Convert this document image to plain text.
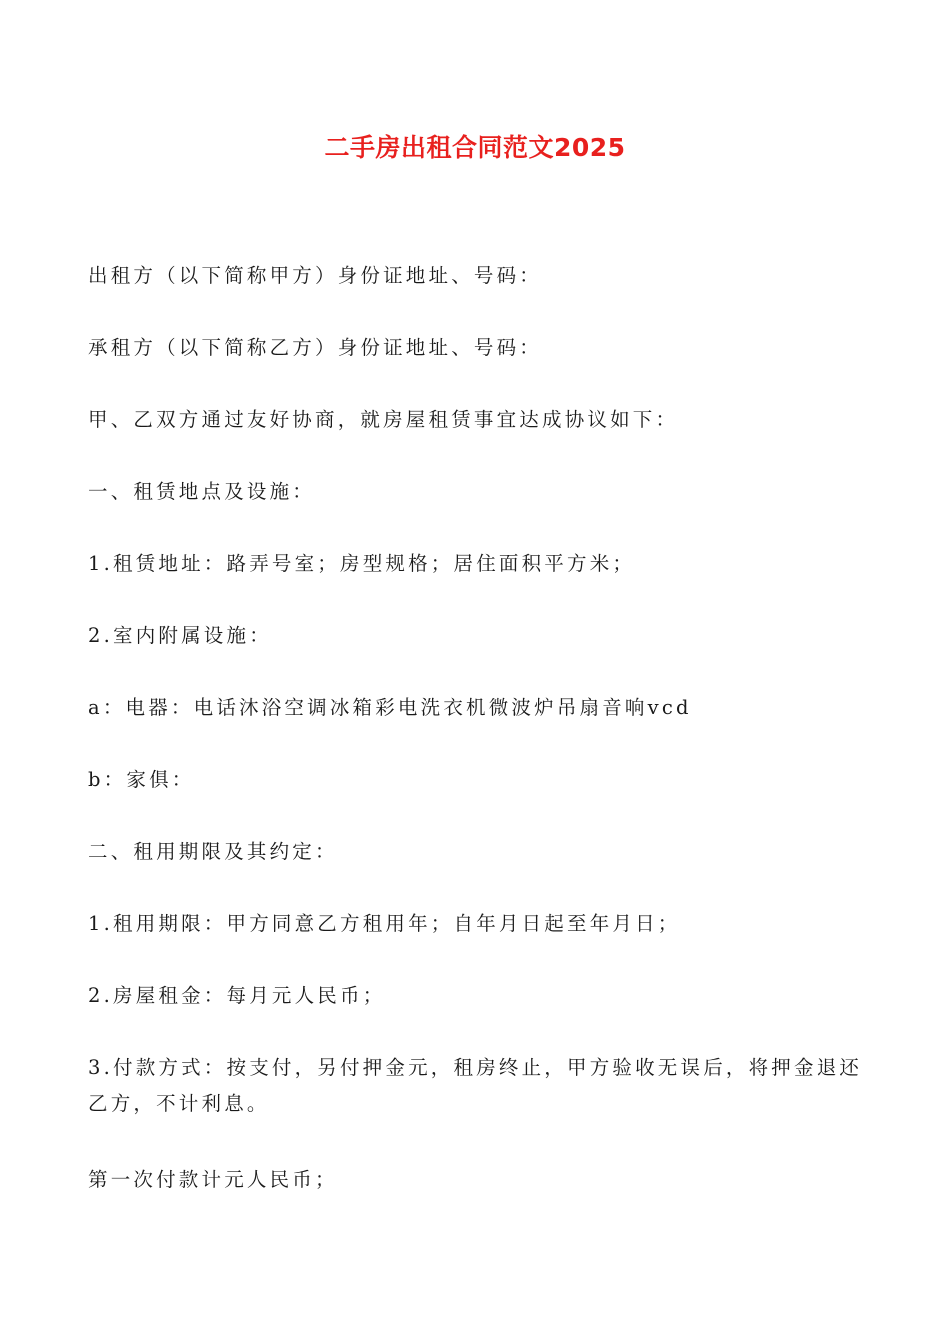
二手房出租合同范文2025
出租方（以下简称甲方）身份证地址、号码：
承租方（以下简称乙方）身份证地址、号码：
甲、乙双方通过友好协商，就房屋租赁事宜达成协议如下：
一、租赁地点及设施：
1.租赁地址：路弄号室；房型规格；居住面积平方米；
2.室内附属设施：
a：电器：电话沐浴空调冰箱彩电洗衣机微波炉吊扇音响vcd
b：家俱：
二、租用期限及其约定：
1.租用期限：甲方同意乙方租用年；自年月日起至年月日；
2.房屋租金：每月元人民币；
3.付款方式：按支付，另付押金元，租房终止，甲方验收无误后，将押金退还乙方，不计利息。
第一次付款计元人民币；
